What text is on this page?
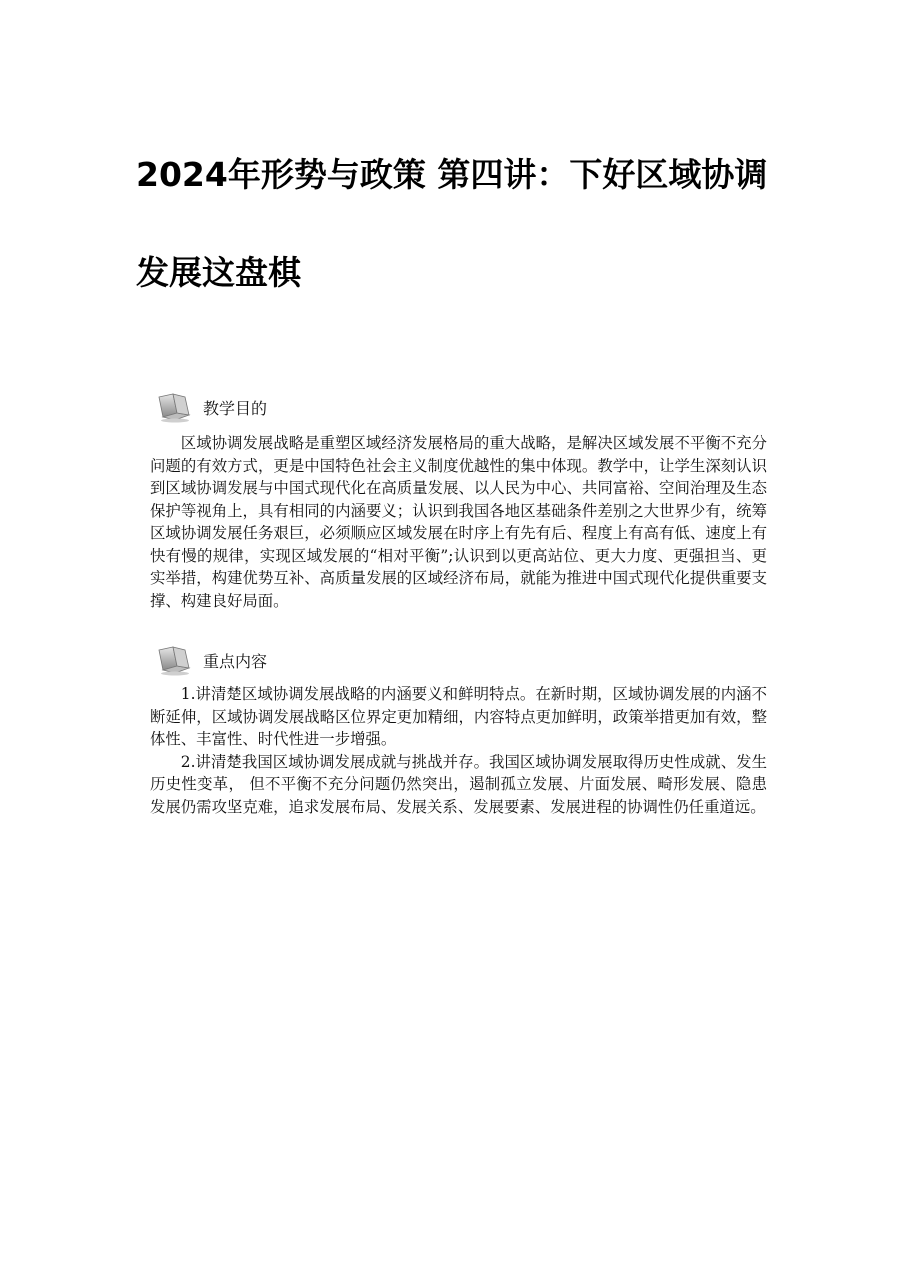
2024年形势与政策 第四讲：下好区域协调发展这盘棋
教学目的

区域协调发展战略是重塑区域经济发展格局的重大战略，是解决区域发展不平衡不充分问题的有效方式，更是中国特色社会主义制度优越性的集中体现。教学中，让学生深刻认识到区域协调发展与中国式现代化在高质量发展、以人民为中心、共同富裕、空间治理及生态保护等视角上，具有相同的内涵要义；认识到我国各地区基础条件差别之大世界少有，统筹区域协调发展任务艰巨，必须顺应区域发展在时序上有先有后、程度上有高有低、速度上有快有慢的规律，实现区域发展的“相对平衡”;认识到以更高站位、更大力度、更强担当、更实举措，构建优势互补、高质量发展的区域经济布局，就能为推进中国式现代化提供重要支撑、构建良好局面。

重点内容

1.讲清楚区域协调发展战略的内涵要义和鲜明特点。在新时期，区域协调发展的内涵不断延伸，区域协调发展战略区位界定更加精细，内容特点更加鲜明，政策举措更加有效，整体性、丰富性、时代性进一步增强。

2.讲清楚我国区域协调发展成就与挑战并存。我国区域协调发展取得历史性成就、发生历史性变革， 但不平衡不充分问题仍然突出，遏制孤立发展、片面发展、畸形发展、隐患发展仍需攻坚克难，追求发展布局、发展关系、发展要素、发展进程的协调性仍任重道远。
